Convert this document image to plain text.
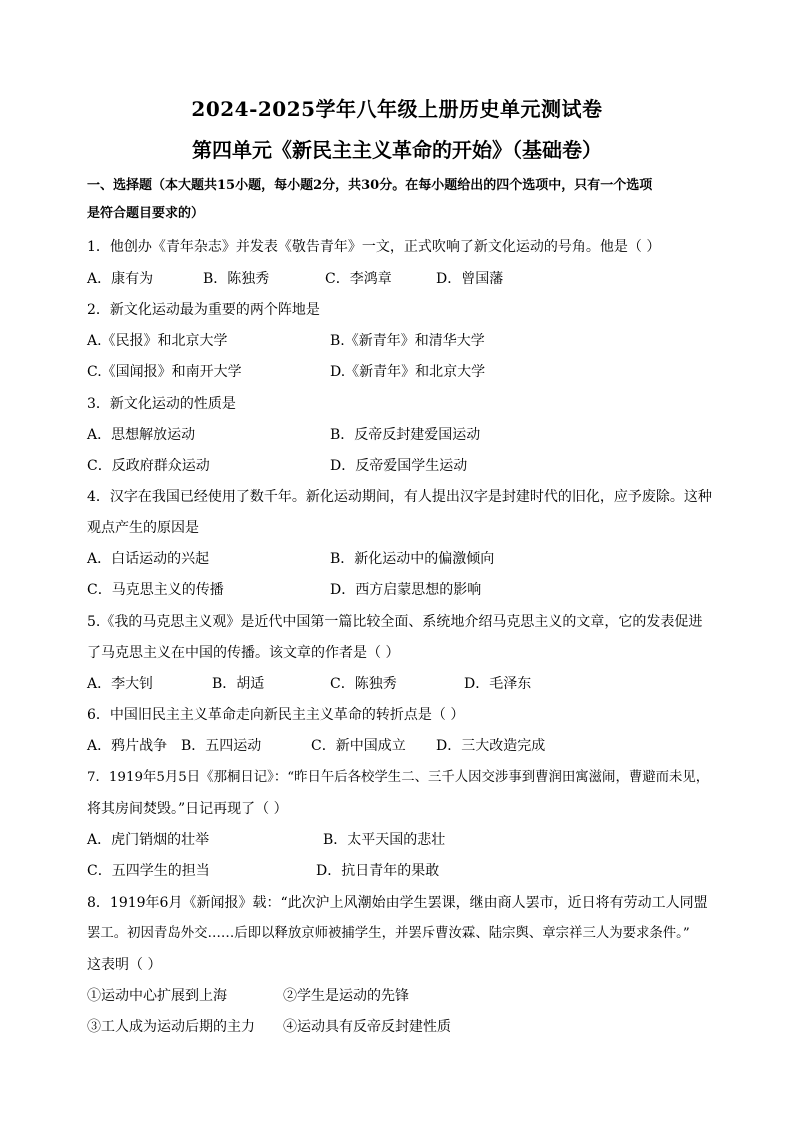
2024-2025学年八年级上册历史单元测试卷
第四单元《新民主主义革命的开始》（基础卷）
一、选择题（本大题共15小题，每小题2分，共30分。在每小题给出的四个选项中，只有一个选项
是符合题目要求的）
1．他创办《青年杂志》并发表《敬告青年》一文，正式吹响了新文化运动的号角。他是（ ）
A．康有为	B．陈独秀	C．李鸿章	D．曾国藩
2．新文化运动最为重要的两个阵地是
A.《民报》和北京大学	B.《新青年》和清华大学
C.《国闻报》和南开大学	D.《新青年》和北京大学
3．新文化运动的性质是
A．思想解放运动	B．反帝反封建爱国运动
C．反政府群众运动	D．反帝爱国学生运动
4．汉字在我国已经使用了数千年。新化运动期间，有人提出汉字是封建时代的旧化，应予废除。这种
观点产生的原因是
A．白话运动的兴起	B．新化运动中的偏激倾向
C．马克思主义的传播	D．西方启蒙思想的影响
5.《我的马克思主义观》是近代中国第一篇比较全面、系统地介绍马克思主义的文章，它的发表促进
了马克思主义在中国的传播。该文章的作者是（ ）
A．李大钊	B．胡适	C．陈独秀	D．毛泽东
6．中国旧民主主义革命走向新民主主义革命的转折点是（ ）
A．鸦片战争 B．五四运动	C．新中国成立 D．三大改造完成
7．1919年5月5日《那桐日记》：“昨日午后各校学生二、三千人因交涉事到曹润田寓滋闹，曹避而未见，
将其房间焚毁。”日记再现了（ ）
A．虎门销烟的壮举	B．太平天国的悲壮
C．五四学生的担当	D．抗日青年的果敢
8．1919年6月《新闻报》载：“此次沪上风潮始由学生罢课，继由商人罢市，近日将有劳动工人同盟
罢工。初因青岛外交……后即以释放京师被捕学生，并罢斥曹汝霖、陆宗舆、章宗祥三人为要求条件。”
这表明（ ）
①运动中心扩展到上海	②学生是运动的先锋
③工人成为运动后期的主力 ④运动具有反帝反封建性质
